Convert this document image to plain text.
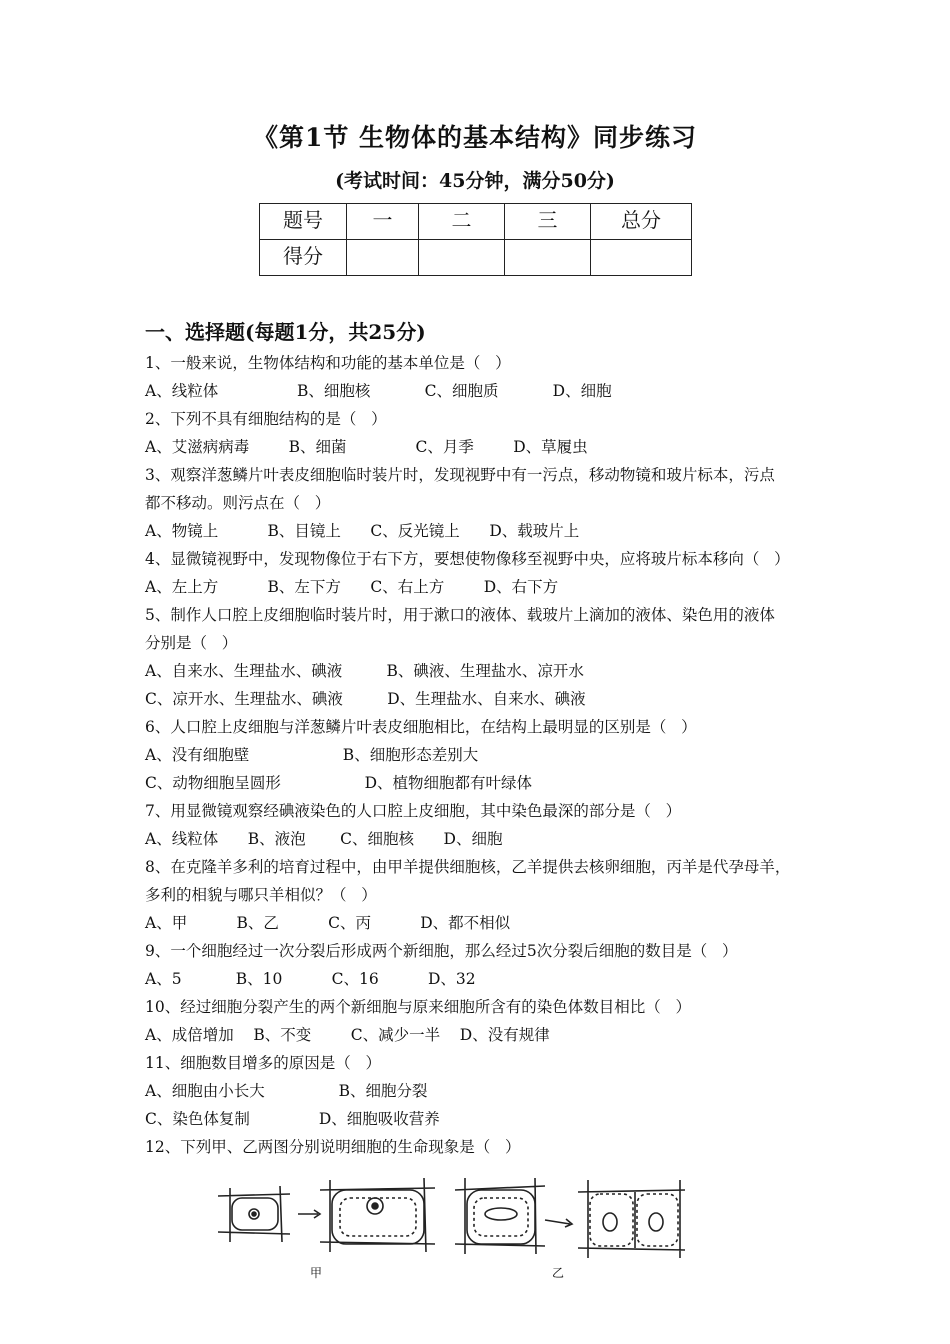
《第1节 生物体的基本结构》同步练习
(考试时间：45分钟，满分50分)
题号	一	二	三	总分
得分				
一、选择题(每题1分，共25分)
1、一般来说，生物体结构和功能的基本单位是（   ）
A、线粒体                B、细胞核           C、细胞质           D、细胞
2、下列不具有细胞结构的是（   ）
A、艾滋病病毒        B、细菌              C、月季        D、草履虫
3、观察洋葱鳞片叶表皮细胞临时装片时，发现视野中有一污点，移动物镜和玻片标本，污点
都不移动。则污点在（   ）
A、物镜上          B、目镜上      C、反光镜上      D、载玻片上
4、显微镜视野中，发现物像位于右下方，要想使物像移至视野中央，应将玻片标本移向（   ）
A、左上方          B、左下方      C、右上方        D、右下方
5、制作人口腔上皮细胞临时装片时，用于漱口的液体、载玻片上滴加的液体、染色用的液体
分别是（   ）
A、自来水、生理盐水、碘液         B、碘液、生理盐水、凉开水
C、凉开水、生理盐水、碘液         D、生理盐水、自来水、碘液
6、人口腔上皮细胞与洋葱鳞片叶表皮细胞相比，在结构上最明显的区别是（   ）
A、没有细胞壁                   B、细胞形态差别大
C、动物细胞呈圆形                 D、植物细胞都有叶绿体
7、用显微镜观察经碘液染色的人口腔上皮细胞，其中染色最深的部分是（   ）
A、线粒体      B、液泡       C、细胞核      D、细胞
8、在克隆羊多利的培育过程中，由甲羊提供细胞核，乙羊提供去核卵细胞，丙羊是代孕母羊，
多利的相貌与哪只羊相似？（   ）
A、甲          B、乙          C、丙          D、都不相似
9、一个细胞经过一次分裂后形成两个新细胞，那么经过5次分裂后细胞的数目是（   ）
A、5           B、10          C、16          D、32
10、经过细胞分裂产生的两个新细胞与原来细胞所含有的染色体数目相比（   ）
A、成倍增加    B、不变        C、减少一半    D、没有规律
11、细胞数目增多的原因是（   ）
A、细胞由小长大               B、细胞分裂
C、染色体复制              D、细胞吸收营养
12、下列甲、乙两图分别说明细胞的生命现象是（   ）
甲	乙
